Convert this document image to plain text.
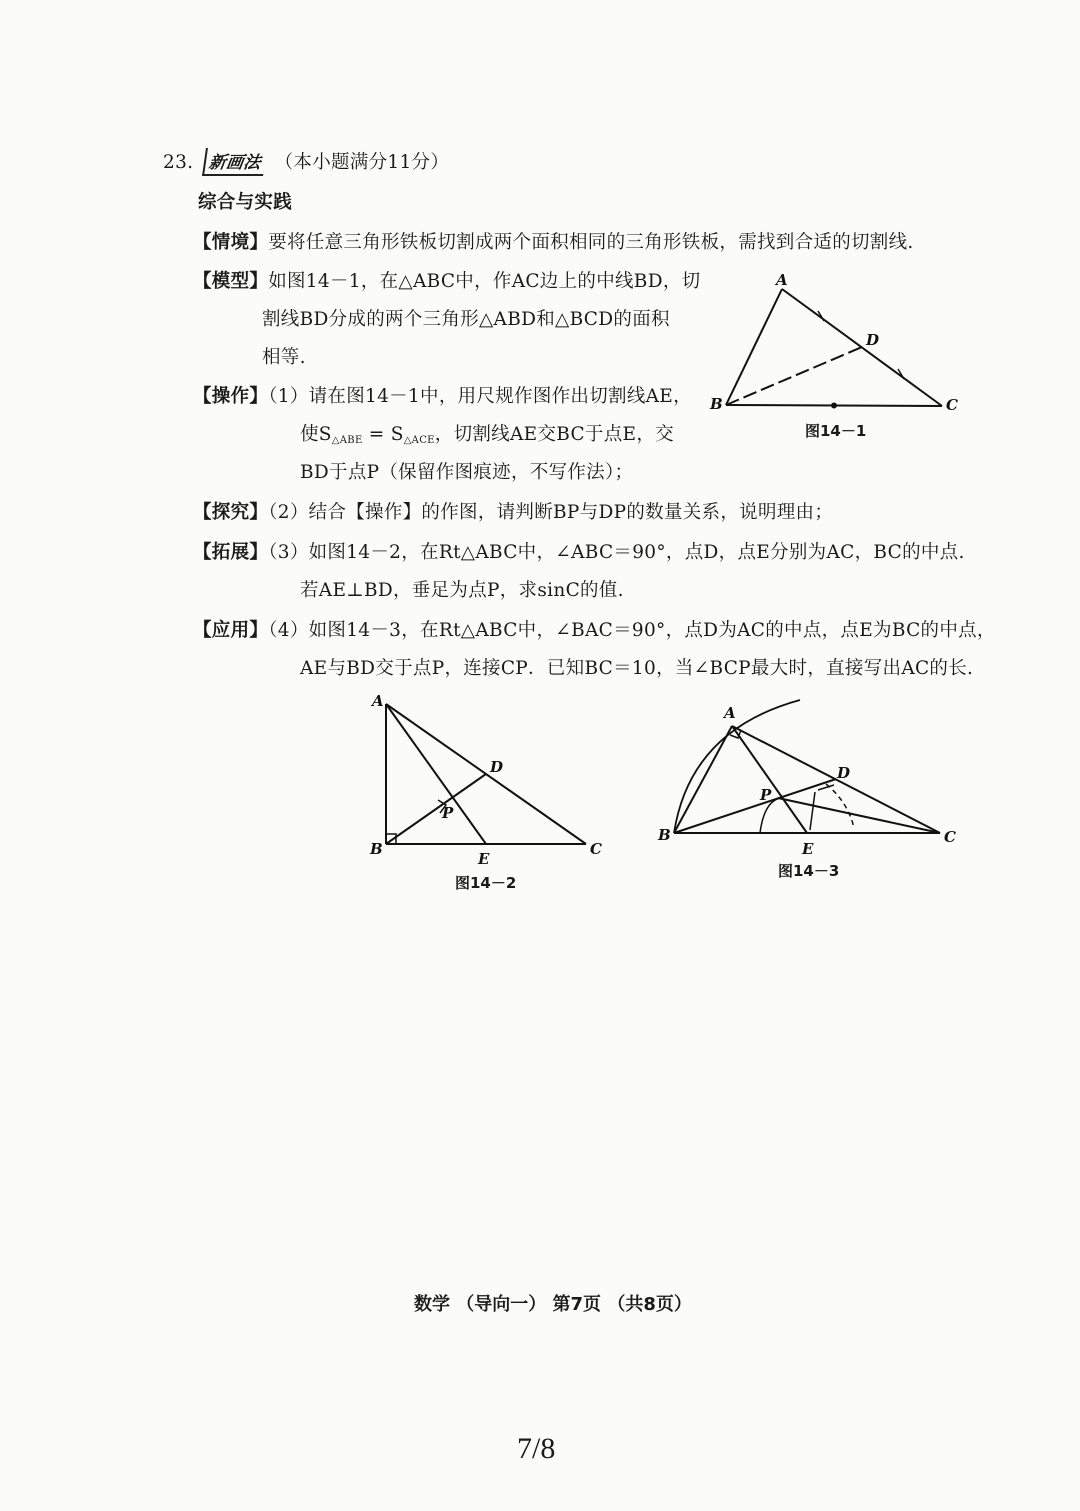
23. 新画法 （本小题满分11分）
综合与实践
【情境】要将任意三角形铁板切割成两个面积相同的三角形铁板，需找到合适的切割线.
【模型】如图14－1，在△ABC中，作AC边上的中线BD，切
割线BD分成的两个三角形△ABD和△BCD的面积
相等.
【操作】（1）请在图14－1中，用尺规作图作出切割线AE，
使$S_{\triangle ABE} = S_{\triangle ACE}$，切割线AE交BC于点E，交
BD于点P（保留作图痕迹，不写作法）；
【探究】（2）结合【操作】的作图，请判断BP与DP的数量关系，说明理由；
【拓展】（3）如图14－2，在Rt△ABC中，∠ABC＝90°，点D，点E分别为AC，BC的中点.
若AE⊥BD，垂足为点P，求sinC的值.
【应用】（4）如图14－3，在Rt△ABC中，∠BAC＝90°，点D为AC的中点，点E为BC的中点，
AE与BD交于点P，连接CP．已知BC＝10，当∠BCP最大时，直接写出AC的长.
A
B	C
D
图14－1
A
B	C
D
E
P
图14－2
A
B	C
D
E
P
图14－3
数学 （导向一） 第7页 （共8页）
7/8
